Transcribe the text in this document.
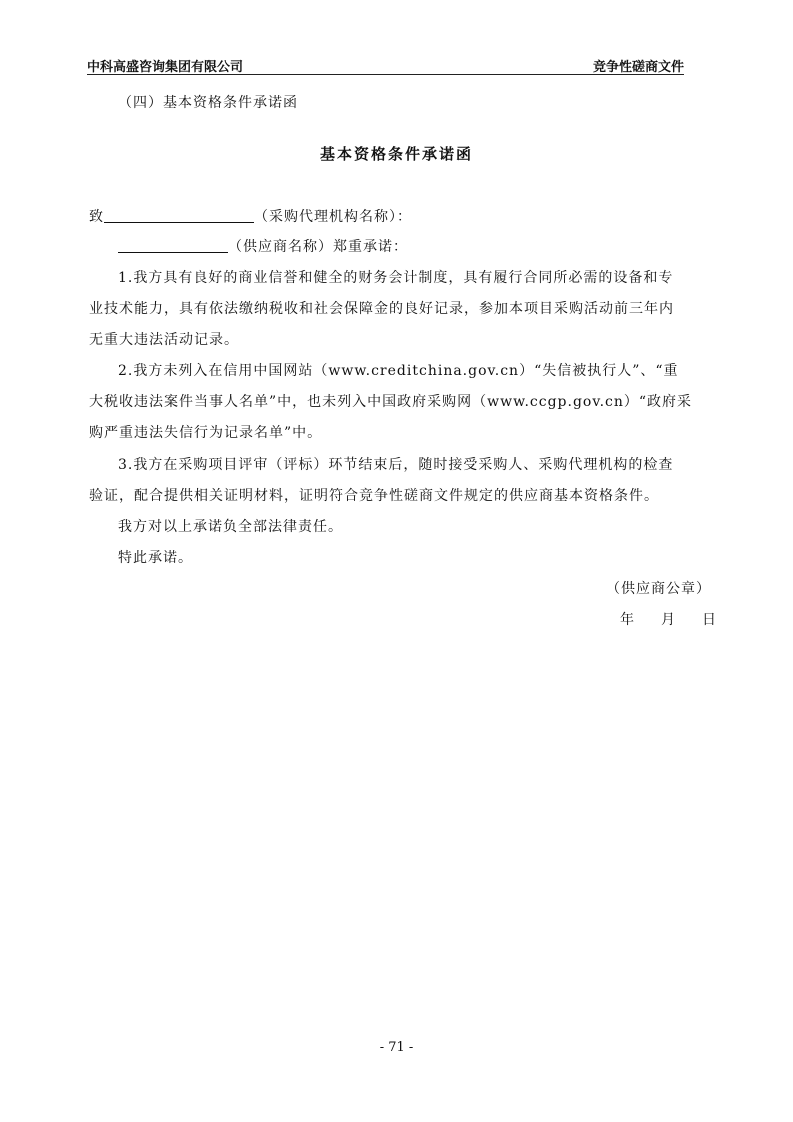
中科高盛咨询集团有限公司	竞争性磋商文件
（四）基本资格条件承诺函
基本资格条件承诺函
致	（采购代理机构名称）：
（供应商名称）郑重承诺：
1.我方具有良好的商业信誉和健全的财务会计制度，具有履行合同所必需的设备和专
业技术能力，具有依法缴纳税收和社会保障金的良好记录，参加本项目采购活动前三年内
无重大违法活动记录。
2.我方未列入在信用中国网站（www.creditchina.gov.cn）“失信被执行人”、“重
大税收违法案件当事人名单”中，也未列入中国政府采购网（www.ccgp.gov.cn）“政府采
购严重违法失信行为记录名单”中。
3.我方在采购项目评审（评标）环节结束后，随时接受采购人、采购代理机构的检查
验证，配合提供相关证明材料，证明符合竞争性磋商文件规定的供应商基本资格条件。
我方对以上承诺负全部法律责任。
特此承诺。
（供应商公章）
年 月 日
- 71 -
